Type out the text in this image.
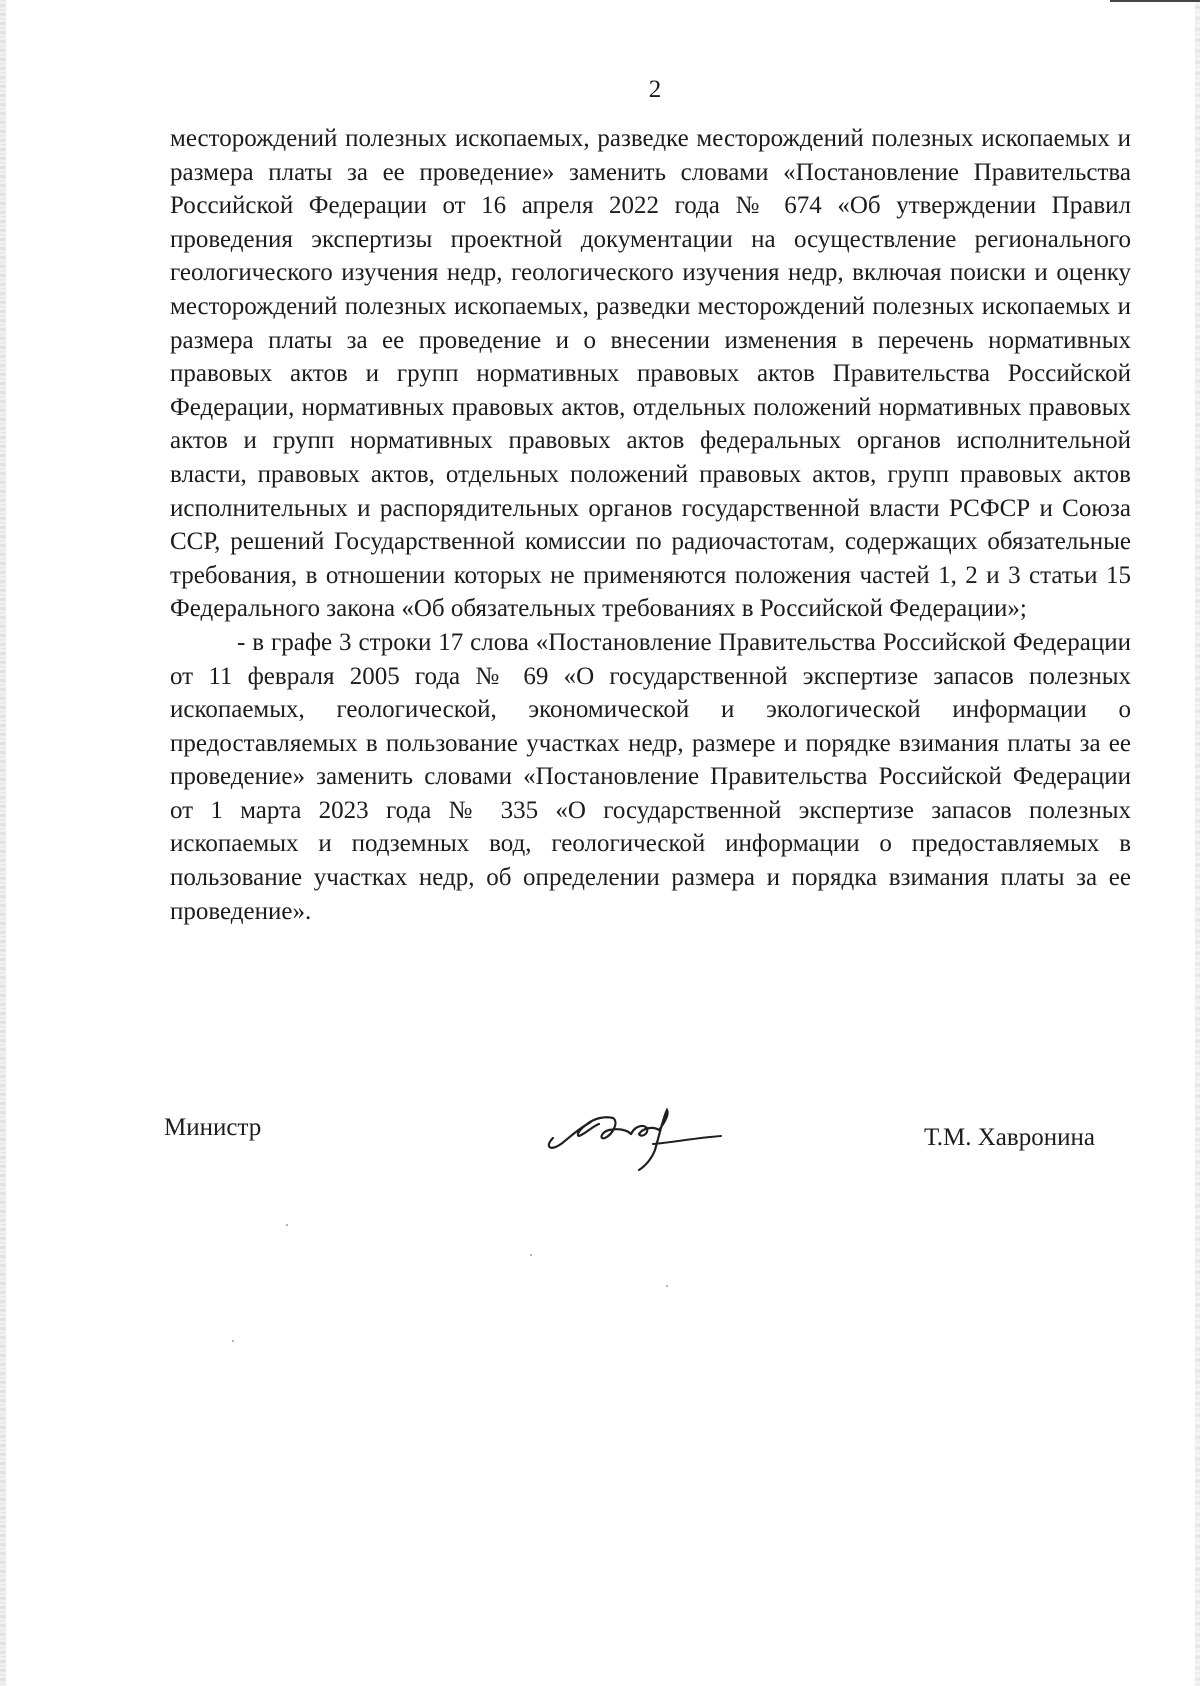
2

месторождений полезных ископаемых, разведке месторождений полезных ископаемых и размера платы за ее проведение» заменить словами «Постановление Правительства Российской Федерации от 16 апреля 2022 года № 674 «Об утверждении Правил проведения экспертизы проектной документации на осуществление регионального геологического изучения недр, геологического изучения недр, включая поиски и оценку месторождений полезных ископаемых, разведки месторождений полезных ископаемых и размера платы за ее проведение и о внесении изменения в перечень нормативных правовых актов и групп нормативных правовых актов Правительства Российской Федерации, нормативных правовых актов, отдельных положений нормативных правовых актов и групп нормативных правовых актов федеральных органов исполнительной власти, правовых актов, отдельных положений правовых актов, групп правовых актов исполнительных и распорядительных органов государственной власти РСФСР и Союза ССР, решений Государственной комиссии по радиочастотам, содержащих обязательные требования, в отношении которых не применяются положения частей 1, 2 и 3 статьи 15 Федерального закона «Об обязательных требованиях в Российской Федерации»;

- в графе 3 строки 17 слова «Постановление Правительства Российской Федерации от 11 февраля 2005 года № 69 «О государственной экспертизе запасов полезных ископаемых, геологической, экономической и экологической информации о предоставляемых в пользование участках недр, размере и порядке взимания платы за ее проведение» заменить словами «Постановление Правительства Российской Федерации от 1 марта 2023 года № 335 «О государственной экспертизе запасов полезных ископаемых и подземных вод, геологической информации о предоставляемых в пользование участках недр, об определении размера и порядка взимания платы за ее проведение».

Министр	Т.М. Хавронина
